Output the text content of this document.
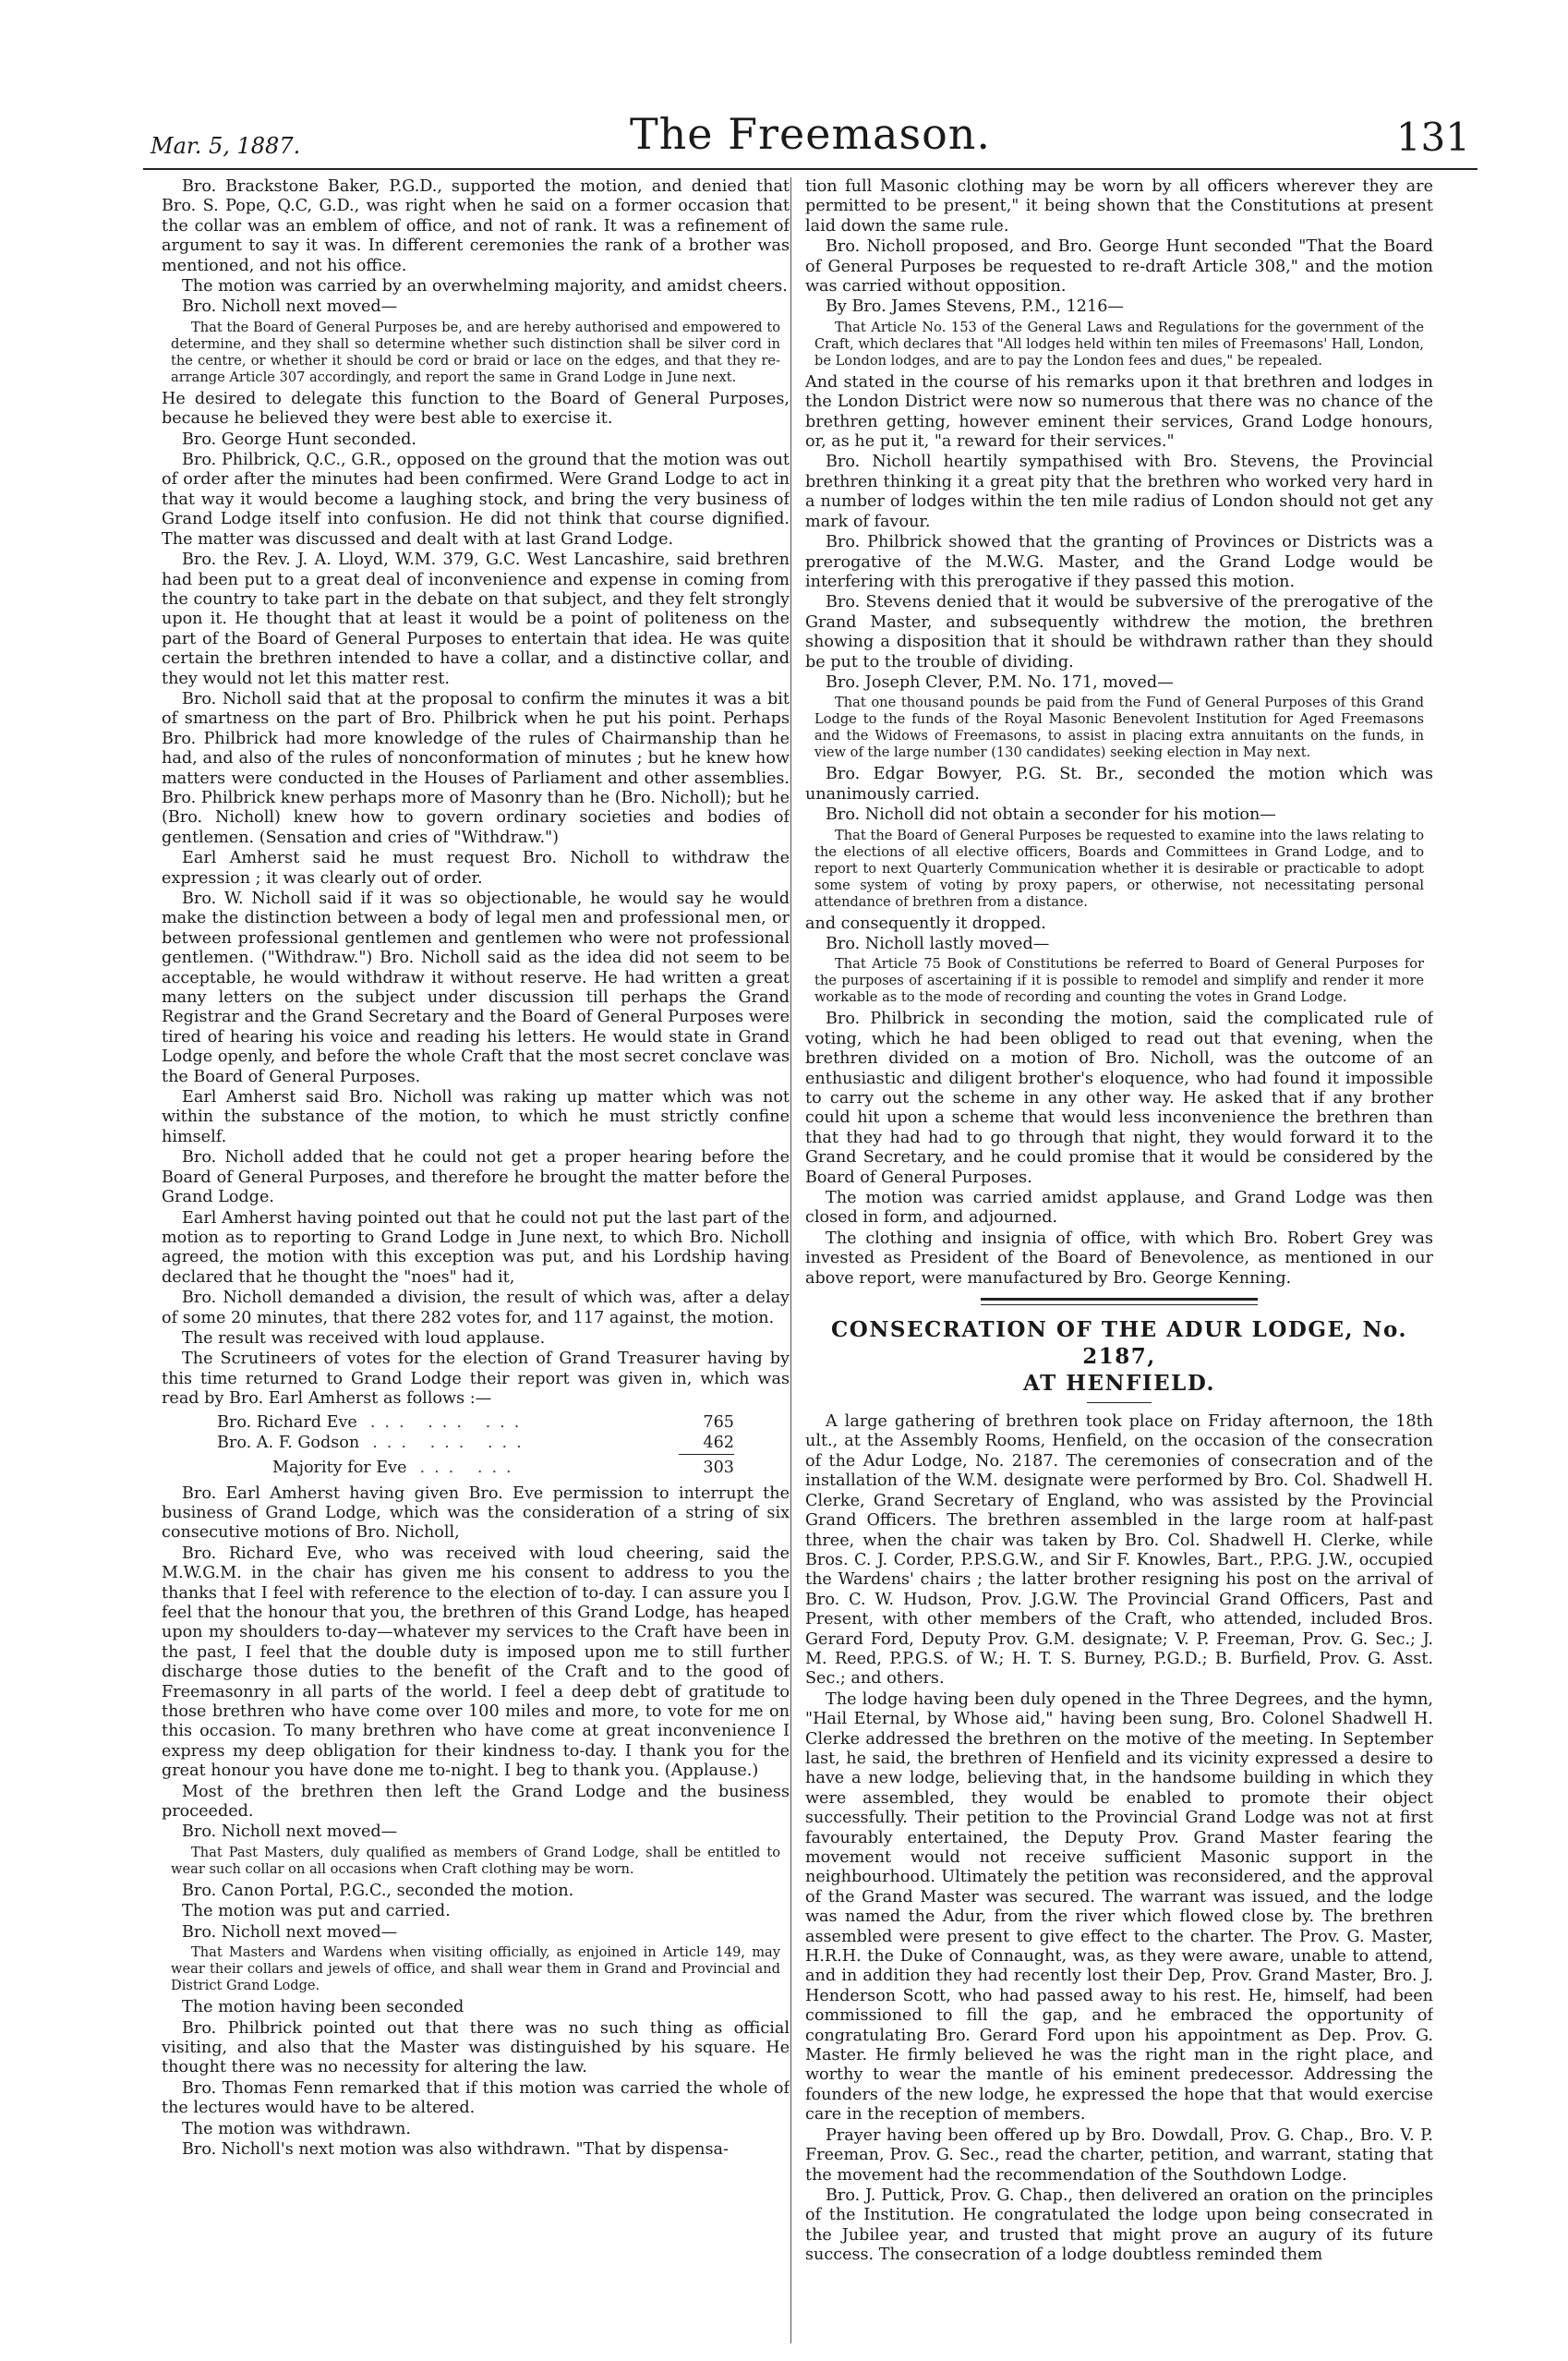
Mar. 5, 1887.	The Freemason.	131

Bro. Brackstone Baker, P.G.D., supported the motion, and denied that Bro. S. Pope, Q.C, G.D., was right when he said on a former occasion that the collar was an emblem of office, and not of rank. It was a refinement of argument to say it was. In different ceremonies the rank of a brother was mentioned, and not his office.

The motion was carried by an overwhelming majority, and amidst cheers.

Bro. Nicholl next moved—

That the Board of General Purposes be, and are hereby authorised and empowered to determine, and they shall so determine whether such distinction shall be silver cord in the centre, or whether it should be cord or braid or lace on the edges, and that they re-arrange Article 307 accordingly, and report the same in Grand Lodge in June next.

He desired to delegate this function to the Board of General Purposes, because he believed they were best able to exercise it.

Bro. George Hunt seconded.

Bro. Philbrick, Q.C., G.R., opposed on the ground that the motion was out of order after the minutes had been confirmed. Were Grand Lodge to act in that way it would become a laughing stock, and bring the very business of Grand Lodge itself into confusion. He did not think that course dignified. The matter was discussed and dealt with at last Grand Lodge.

Bro. the Rev. J. A. Lloyd, W.M. 379, G.C. West Lancashire, said brethren had been put to a great deal of inconvenience and expense in coming from the country to take part in the debate on that subject, and they felt strongly upon it. He thought that at least it would be a point of politeness on the part of the Board of General Purposes to entertain that idea. He was quite certain the brethren intended to have a collar, and a distinctive collar, and they would not let this matter rest.

Bro. Nicholl said that at the proposal to confirm the minutes it was a bit of smartness on the part of Bro. Philbrick when he put his point. Perhaps Bro. Philbrick had more knowledge of the rules of Chairmanship than he had, and also of the rules of nonconformation of minutes ; but he knew how matters were conducted in the Houses of Parliament and other assemblies. Bro. Philbrick knew perhaps more of Masonry than he (Bro. Nicholl); but he (Bro. Nicholl) knew how to govern ordinary societies and bodies of gentlemen. (Sensation and cries of "Withdraw.")

Earl Amherst said he must request Bro. Nicholl to withdraw the expression ; it was clearly out of order.

Bro. W. Nicholl said if it was so objectionable, he would say he would make the distinction between a body of legal men and professional men, or between professional gentlemen and gentlemen who were not professional gentlemen. ("Withdraw.") Bro. Nicholl said as the idea did not seem to be acceptable, he would withdraw it without reserve. He had written a great many letters on the subject under discussion till perhaps the Grand Registrar and the Grand Secretary and the Board of General Purposes were tired of hearing his voice and reading his letters. He would state in Grand Lodge openly, and before the whole Craft that the most secret conclave was the Board of General Purposes.

Earl Amherst said Bro. Nicholl was raking up matter which was not within the substance of the motion, to which he must strictly confine himself.

Bro. Nicholl added that he could not get a proper hearing before the Board of General Purposes, and therefore he brought the matter before the Grand Lodge.

Earl Amherst having pointed out that he could not put the last part of the motion as to reporting to Grand Lodge in June next, to which Bro. Nicholl agreed, the motion with this exception was put, and his Lordship having declared that he thought the "noes" had it,

Bro. Nicholl demanded a division, the result of which was, after a delay of some 20 minutes, that there 282 votes for, and 117 against, the motion.

The result was received with loud applause.

The Scrutineers of votes for the election of Grand Treasurer having by this time returned to Grand Lodge their report was given in, which was read by Bro. Earl Amherst as follows :—

Bro. Richard Eve ... ... ...	765
Bro. A. F. Godson ... ... ...	462
Majority for Eve ... ...	303

Bro. Earl Amherst having given Bro. Eve permission to interrupt the business of Grand Lodge, which was the consideration of a string of six consecutive motions of Bro. Nicholl,

Bro. Richard Eve, who was received with loud cheering, said the M.W.G.M. in the chair has given me his consent to address to you the thanks that I feel with reference to the election of to-day. I can assure you I feel that the honour that you, the brethren of this Grand Lodge, has heaped upon my shoulders to-day—whatever my services to the Craft have been in the past, I feel that the double duty is imposed upon me to still further discharge those duties to the benefit of the Craft and to the good of Freemasonry in all parts of the world. I feel a deep debt of gratitude to those brethren who have come over 100 miles and more, to vote for me on this occasion. To many brethren who have come at great inconvenience I express my deep obligation for their kindness to-day. I thank you for the great honour you have done me to-night. I beg to thank you. (Applause.)

Most of the brethren then left the Grand Lodge and the business proceeded.

Bro. Nicholl next moved—

That Past Masters, duly qualified as members of Grand Lodge, shall be entitled to wear such collar on all occasions when Craft clothing may be worn.

Bro. Canon Portal, P.G.C., seconded the motion.

The motion was put and carried.

Bro. Nicholl next moved—

That Masters and Wardens when visiting officially, as enjoined in Article 149, may wear their collars and jewels of office, and shall wear them in Grand and Provincial and District Grand Lodge.

The motion having been seconded

Bro. Philbrick pointed out that there was no such thing as official visiting, and also that the Master was distinguished by his square. He thought there was no necessity for altering the law.

Bro. Thomas Fenn remarked that if this motion was carried the whole of the lectures would have to be altered.

The motion was withdrawn.

Bro. Nicholl's next motion was also withdrawn. "That by dispensa-

tion full Masonic clothing may be worn by all officers wherever they are permitted to be present," it being shown that the Constitutions at present laid down the same rule.

Bro. Nicholl proposed, and Bro. George Hunt seconded "That the Board of General Purposes be requested to re-draft Article 308," and the motion was carried without opposition.

By Bro. James Stevens, P.M., 1216—

That Article No. 153 of the General Laws and Regulations for the government of the Craft, which declares that "All lodges held within ten miles of Freemasons' Hall, London, be London lodges, and are to pay the London fees and dues," be repealed.

And stated in the course of his remarks upon it that brethren and lodges in the London District were now so numerous that there was no chance of the brethren getting, however eminent their services, Grand Lodge honours, or, as he put it, "a reward for their services."

Bro. Nicholl heartily sympathised with Bro. Stevens, the Provincial brethren thinking it a great pity that the brethren who worked very hard in a number of lodges within the ten mile radius of London should not get any mark of favour.

Bro. Philbrick showed that the granting of Provinces or Districts was a prerogative of the M.W.G. Master, and the Grand Lodge would be interfering with this prerogative if they passed this motion.

Bro. Stevens denied that it would be subversive of the prerogative of the Grand Master, and subsequently withdrew the motion, the brethren showing a disposition that it should be withdrawn rather than they should be put to the trouble of dividing.

Bro. Joseph Clever, P.M. No. 171, moved—

That one thousand pounds be paid from the Fund of General Purposes of this Grand Lodge to the funds of the Royal Masonic Benevolent Institution for Aged Freemasons and the Widows of Freemasons, to assist in placing extra annuitants on the funds, in view of the large number (130 candidates) seeking election in May next.

Bro. Edgar Bowyer, P.G. St. Br., seconded the motion which was unanimously carried.

Bro. Nicholl did not obtain a seconder for his motion—

That the Board of General Purposes be requested to examine into the laws relating to the elections of all elective officers, Boards and Committees in Grand Lodge, and to report to next Quarterly Communication whether it is desirable or practicable to adopt some system of voting by proxy papers, or otherwise, not necessitating personal attendance of brethren from a distance.

and consequently it dropped.

Bro. Nicholl lastly moved—

That Article 75 Book of Constitutions be referred to Board of General Purposes for the purposes of ascertaining if it is possible to remodel and simplify and render it more workable as to the mode of recording and counting the votes in Grand Lodge.

Bro. Philbrick in seconding the motion, said the complicated rule of voting, which he had been obliged to read out that evening, when the brethren divided on a motion of Bro. Nicholl, was the outcome of an enthusiastic and diligent brother's eloquence, who had found it impossible to carry out the scheme in any other way. He asked that if any brother could hit upon a scheme that would less inconvenience the brethren than that they had had to go through that night, they would forward it to the Grand Secretary, and he could promise that it would be considered by the Board of General Purposes.

The motion was carried amidst applause, and Grand Lodge was then closed in form, and adjourned.

The clothing and insignia of office, with which Bro. Robert Grey was invested as President of the Board of Benevolence, as mentioned in our above report, were manufactured by Bro. George Kenning.

CONSECRATION OF THE ADUR LODGE, No. 2187,
AT HENFIELD.

A large gathering of brethren took place on Friday afternoon, the 18th ult., at the Assembly Rooms, Henfield, on the occasion of the consecration of the Adur Lodge, No. 2187. The ceremonies of consecration and of the installation of the W.M. designate were performed by Bro. Col. Shadwell H. Clerke, Grand Secretary of England, who was assisted by the Provincial Grand Officers. The brethren assembled in the large room at half-past three, when the chair was taken by Bro. Col. Shadwell H. Clerke, while Bros. C. J. Corder, P.P.S.G.W., and Sir F. Knowles, Bart., P.P.G. J.W., occupied the Wardens' chairs ; the latter brother resigning his post on the arrival of Bro. C. W. Hudson, Prov. J.G.W. The Provincial Grand Officers, Past and Present, with other members of the Craft, who attended, included Bros. Gerard Ford, Deputy Prov. G.M. designate; V. P. Freeman, Prov. G. Sec.; J. M. Reed, P.P.G.S. of W.; H. T. S. Burney, P.G.D.; B. Burfield, Prov. G. Asst. Sec.; and others.

The lodge having been duly opened in the Three Degrees, and the hymn, "Hail Eternal, by Whose aid," having been sung, Bro. Colonel Shadwell H. Clerke addressed the brethren on the motive of the meeting. In September last, he said, the brethren of Henfield and its vicinity expressed a desire to have a new lodge, believing that, in the handsome building in which they were assembled, they would be enabled to promote their object successfully. Their petition to the Provincial Grand Lodge was not at first favourably entertained, the Deputy Prov. Grand Master fearing the movement would not receive sufficient Masonic support in the neighbourhood. Ultimately the petition was reconsidered, and the approval of the Grand Master was secured. The warrant was issued, and the lodge was named the Adur, from the river which flowed close by. The brethren assembled were present to give effect to the charter. The Prov. G. Master, H.R.H. the Duke of Connaught, was, as they were aware, unable to attend, and in addition they had recently lost their Dep, Prov. Grand Master, Bro. J. Henderson Scott, who had passed away to his rest. He, himself, had been commissioned to fill the gap, and he embraced the opportunity of congratulating Bro. Gerard Ford upon his appointment as Dep. Prov. G. Master. He firmly believed he was the right man in the right place, and worthy to wear the mantle of his eminent predecessor. Addressing the founders of the new lodge, he expressed the hope that that would exercise care in the reception of members.

Prayer having been offered up by Bro. Dowdall, Prov. G. Chap., Bro. V. P. Freeman, Prov. G. Sec., read the charter, petition, and warrant, stating that the movement had the recommendation of the Southdown Lodge.

Bro. J. Puttick, Prov. G. Chap., then delivered an oration on the principles of the Institution. He congratulated the lodge upon being consecrated in the Jubilee year, and trusted that might prove an augury of its future success. The consecration of a lodge doubtless reminded them
